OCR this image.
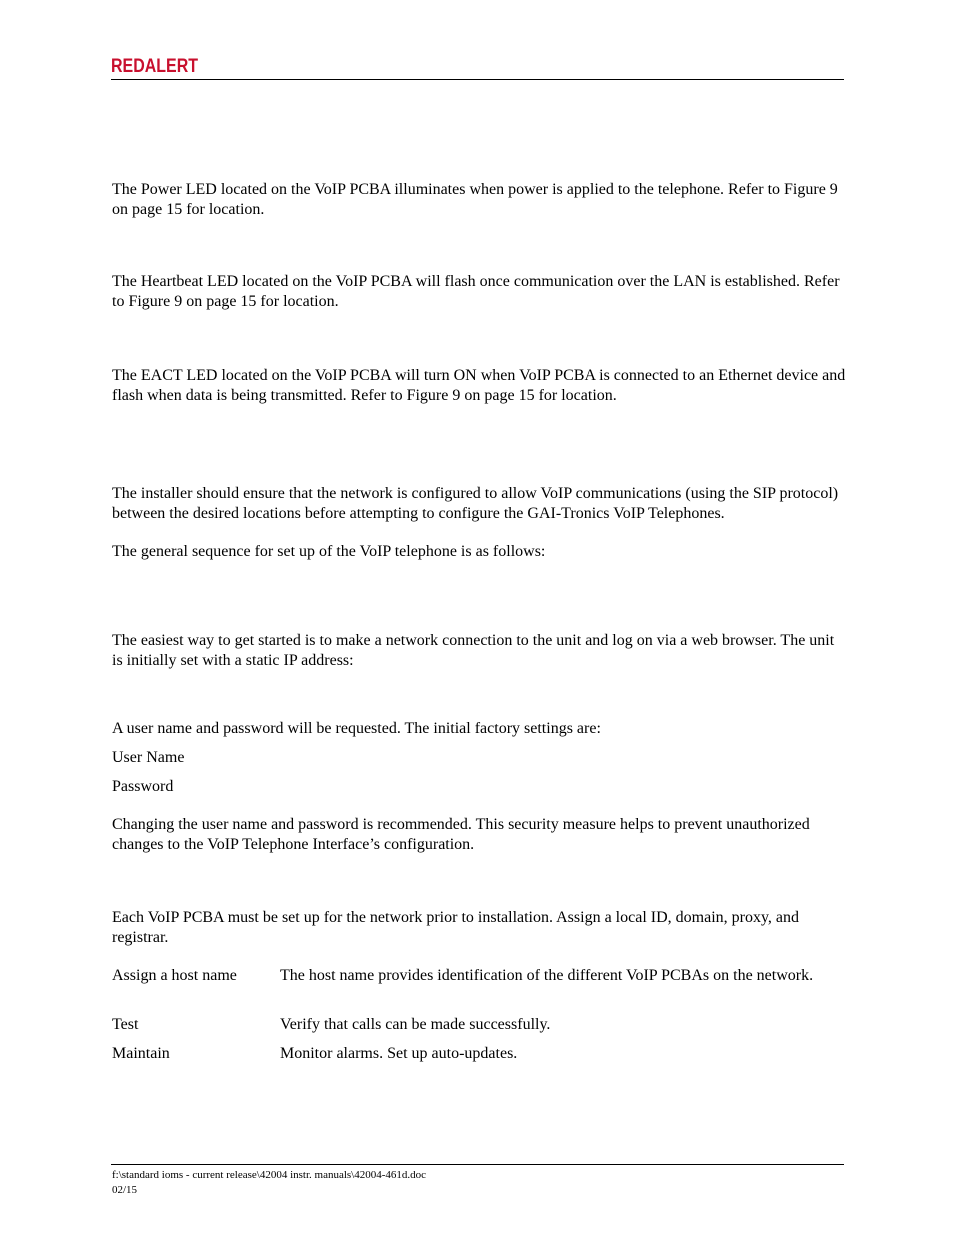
REDALERT

The Power LED located on the VoIP PCBA illuminates when power is applied to the telephone. Refer to Figure 9 on page 15 for location.

The Heartbeat LED located on the VoIP PCBA will flash once communication over the LAN is established. Refer to Figure 9 on page 15 for location.

The EACT LED located on the VoIP PCBA will turn ON when VoIP PCBA is connected to an Ethernet device and flash when data is being transmitted. Refer to Figure 9 on page 15 for location.

The installer should ensure that the network is configured to allow VoIP communications (using the SIP protocol) between the desired locations before attempting to configure the GAI-Tronics VoIP Telephones.

The general sequence for set up of the VoIP telephone is as follows:

The easiest way to get started is to make a network connection to the unit and log on via a web browser. The unit is initially set with a static IP address:

A user name and password will be requested. The initial factory settings are:

User Name

Password

Changing the user name and password is recommended. This security measure helps to prevent unauthorized changes to the VoIP Telephone Interface’s configuration.

Each VoIP PCBA must be set up for the network prior to installation. Assign a local ID, domain, proxy, and registrar.

Assign a host name	The host name provides identification of the different VoIP PCBAs on the network.
Test	Verify that calls can be made successfully.
Maintain	Monitor alarms. Set up auto-updates.
f:\standard ioms - current release\42004 instr. manuals\42004-461d.doc
02/15
